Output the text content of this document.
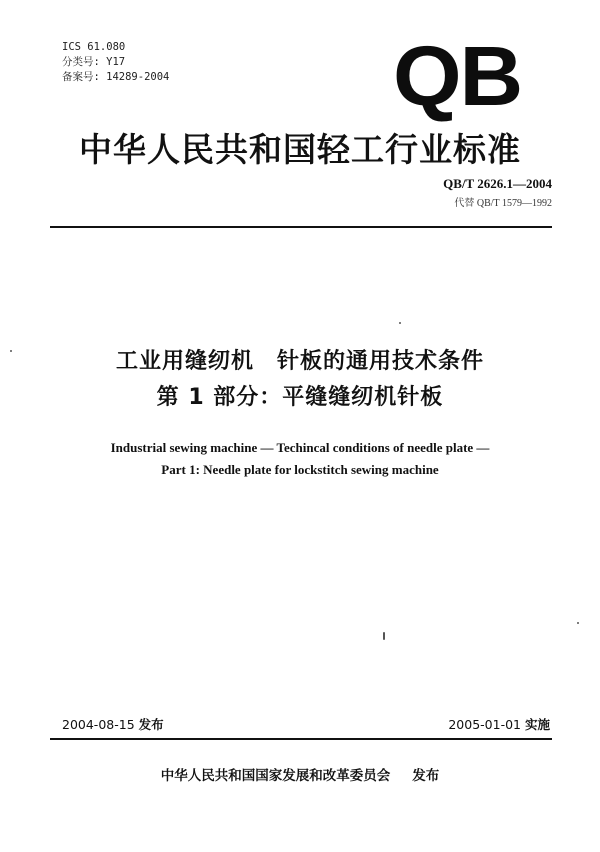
ICS 61.080
分类号: Y17
备案号: 14289-2004	QB
中华人民共和国轻工行业标准
QB/T 2626.1—2004
代替 QB/T 1579—1992
工业用缝纫机　针板的通用技术条件
第 1 部分：平缝缝纫机针板
Industrial sewing machine — Techincal conditions of needle plate —
Part 1: Needle plate for lockstitch sewing machine
2004-08-15 发布	2005-01-01 实施
中华人民共和国国家发展和改革委员会 发布
